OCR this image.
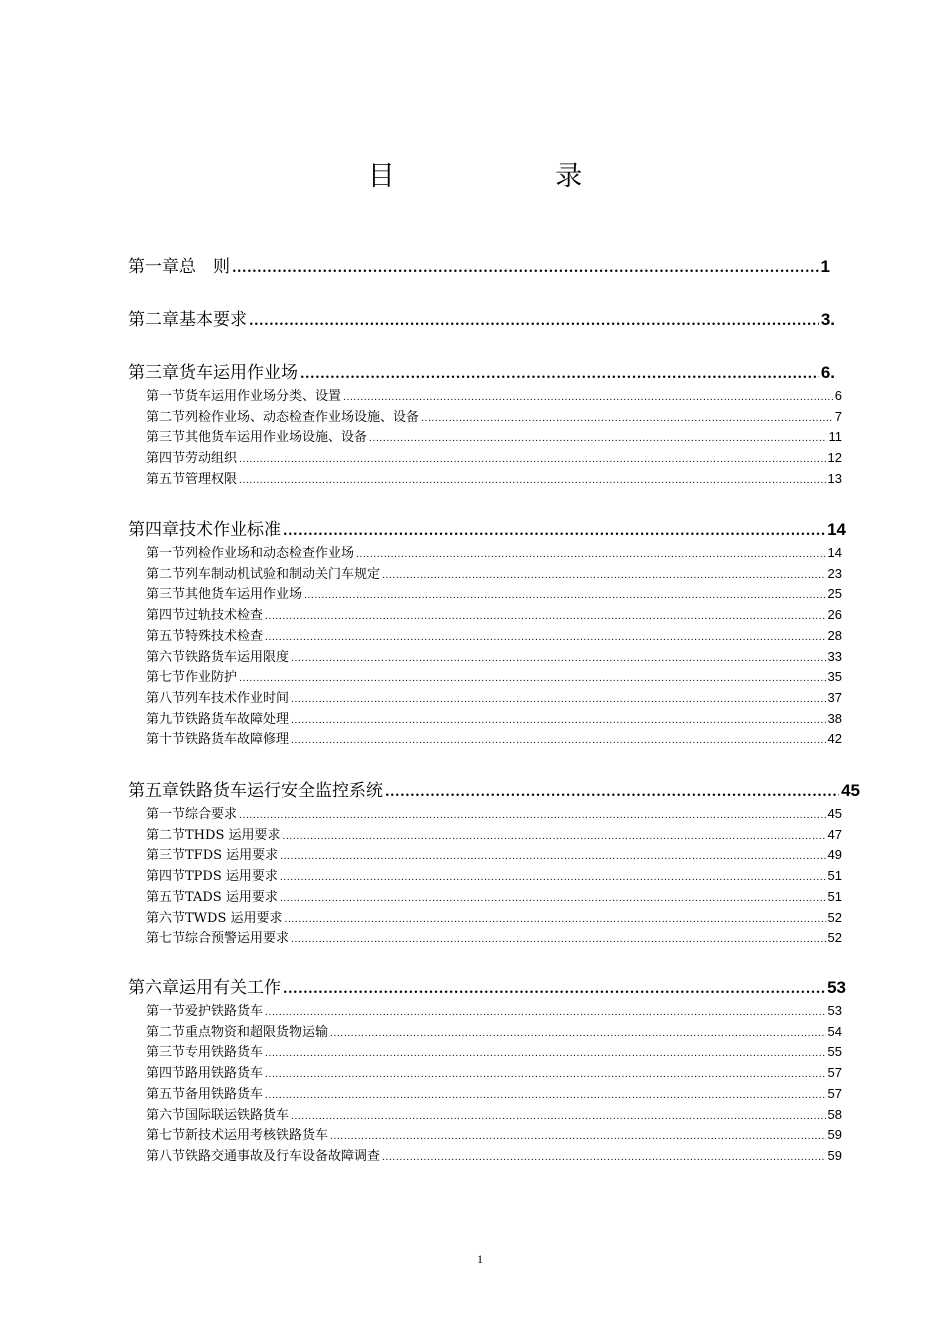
目 录
第一章 总　则 .....	1
第二章 基本要求 .....	3.
第三章 货车运用作业场 .....	6.
第一节 货车运用作业场分类、设置 .....	6
第二节 列检作业场、动态检查作业场设施、设备 .....	7
第三节 其他货车运用作业场设施、设备 .....	11
第四节 劳动组织 .....	12
第五节 管理权限 .....	13
第四章 技术作业标准 .....	14
第一节 列检作业场和动态检查作业场 .....	14
第二节 列车制动机试验和制动关门车规定 .....	23
第三节 其他货车运用作业场 .....	25
第四节 过轨技术检查 .....	26
第五节 特殊技术检查 .....	28
第六节 铁路货车运用限度 .....	33
第七节 作业防护 .....	35
第八节 列车技术作业时间 .....	37
第九节 铁路货车故障处理 .....	38
第十节 铁路货车故障修理 .....	42
第五章 铁路货车运行安全监控系统 .....	45
第一节 综合要求 .....	45
第二节 THDS 运用要求 .....	47
第三节 TFDS 运用要求 .....	49
第四节 TPDS 运用要求 .....	51
第五节 TADS 运用要求 .....	51
第六节 TWDS 运用要求 .....	52
第七节 综合预警运用要求 .....	52
第六章 运用有关工作 .....	53
第一节 爱护铁路货车 .....	53
第二节 重点物资和超限货物运输 .....	54
第三节 专用铁路货车 .....	55
第四节 路用铁路货车 .....	57
第五节 备用铁路货车 .....	57
第六节 国际联运铁路货车 .....	58
第七节 新技术运用考核铁路货车 .....	59
第八节 铁路交通事故及行车设备故障调查 .....	59
1
